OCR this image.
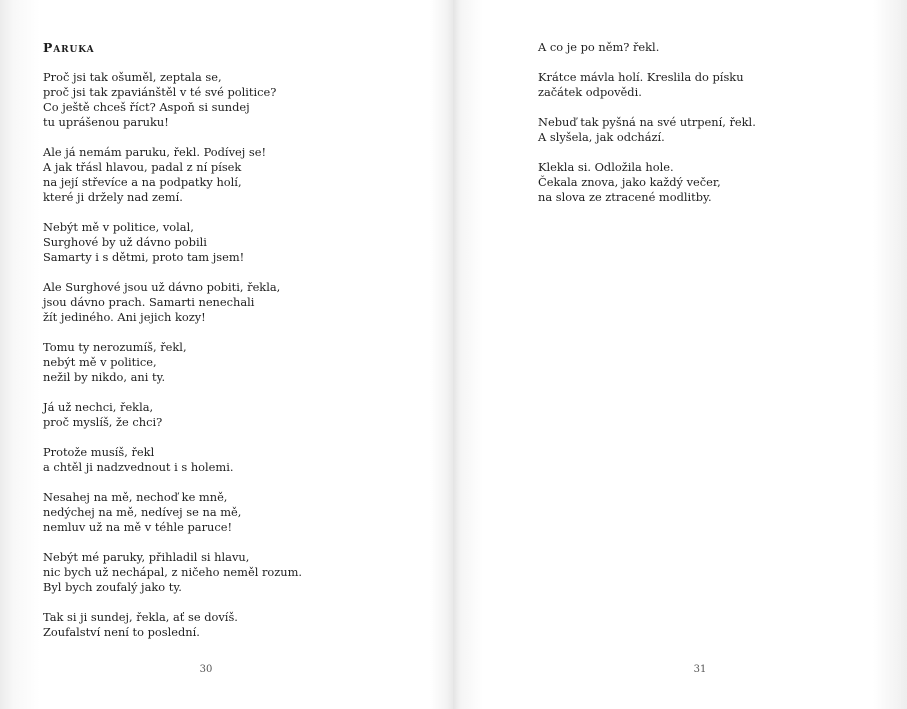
Paruka
Proč jsi tak ošuměl, zeptala se,
proč jsi tak zpaviánštěl v té své politice?
Co ještě chceš říct? Aspoň si sundej
tu uprášenou paruku!
Ale já nemám paruku, řekl. Podívej se!
A jak třásl hlavou, padal z ní písek
na její střevíce a na podpatky holí,
které ji držely nad zemí.
Nebýt mě v politice, volal,
Surghové by už dávno pobili
Samarty i s dětmi, proto tam jsem!
Ale Surghové jsou už dávno pobiti, řekla,
jsou dávno prach. Samarti nenechali
žít jediného. Ani jejich kozy!
Tomu ty nerozumíš, řekl,
nebýt mě v politice,
nežil by nikdo, ani ty.
Já už nechci, řekla,
proč myslíš, že chci?
Protože musíš, řekl
a chtěl ji nadzvednout i s holemi.
Nesahej na mě, nechoď ke mně,
nedýchej na mě, nedívej se na mě,
nemluv už na mě v téhle paruce!
Nebýt mé paruky, přihladil si hlavu,
nic bych už nechápal, z ničeho neměl rozum.
Byl bych zoufalý jako ty.
Tak si ji sundej, řekla, ať se dovíš.
Zoufalství není to poslední.
30
A co je po něm? řekl.
Krátce mávla holí. Kreslila do písku
začátek odpovědi.
Nebuď tak pyšná na své utrpení, řekl.
A slyšela, jak odchází.
Klekla si. Odložila hole.
Čekala znova, jako každý večer,
na slova ze ztracené modlitby.
31
